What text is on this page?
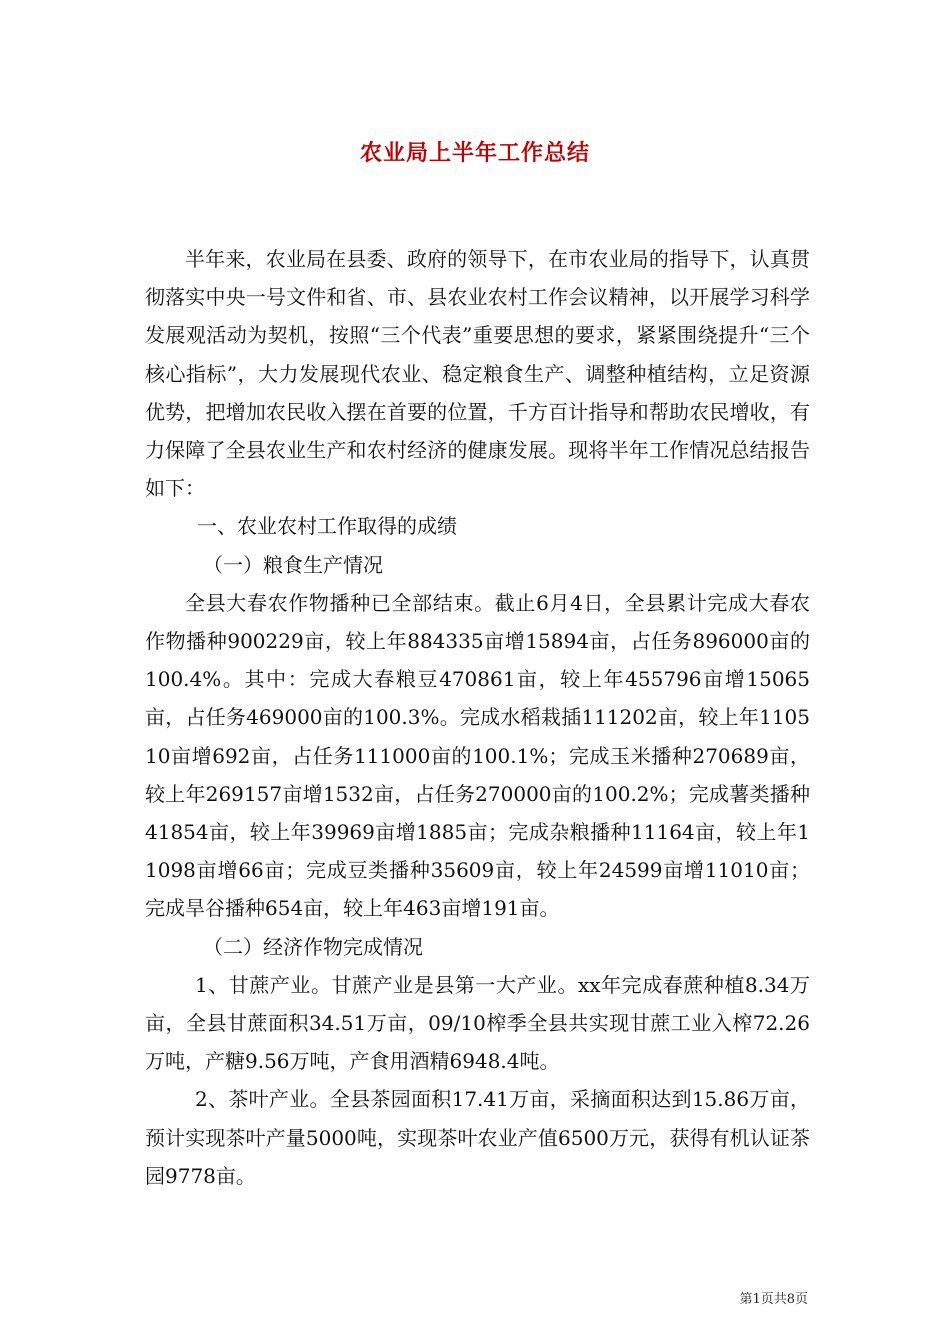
农业局上半年工作总结

半年来，农业局在县委、政府的领导下，在市农业局的指导下，认真贯彻落实中央一号文件和省、市、县农业农村工作会议精神，以开展学习科学发展观活动为契机，按照“三个代表”重要思想的要求，紧紧围绕提升“三个核心指标”，大力发展现代农业、稳定粮食生产、调整种植结构，立足资源优势，把增加农民收入摆在首要的位置，千方百计指导和帮助农民增收，有力保障了全县农业生产和农村经济的健康发展。现将半年工作情况总结报告如下：

一、农业农村工作取得的成绩

（一）粮食生产情况

全县大春农作物播种已全部结束。截止6月4日，全县累计完成大春农作物播种900229亩，较上年884335亩增15894亩，占任务896000亩的100.4%。其中：完成大春粮豆470861亩，较上年455796亩增15065亩，占任务469000亩的100.3%。完成水稻栽插111202亩，较上年110510亩增692亩，占任务111000亩的100.1%；完成玉米播种270689亩，较上年269157亩增1532亩，占任务270000亩的100.2%；完成薯类播种41854亩，较上年39969亩增1885亩；完成杂粮播种11164亩，较上年11098亩增66亩；完成豆类播种35609亩，较上年24599亩增11010亩；完成旱谷播种654亩，较上年463亩增191亩。

（二）经济作物完成情况

1、甘蔗产业。甘蔗产业是县第一大产业。xx年完成春蔗种植8.34万亩，全县甘蔗面积34.51万亩，09/10榨季全县共实现甘蔗工业入榨72.26万吨，产糖9.56万吨，产食用酒精6948.4吨。

2、茶叶产业。全县茶园面积17.41万亩，采摘面积达到15.86万亩，预计实现茶叶产量5000吨，实现茶叶农业产值6500万元，获得有机认证茶园9778亩。

第1页共8页
